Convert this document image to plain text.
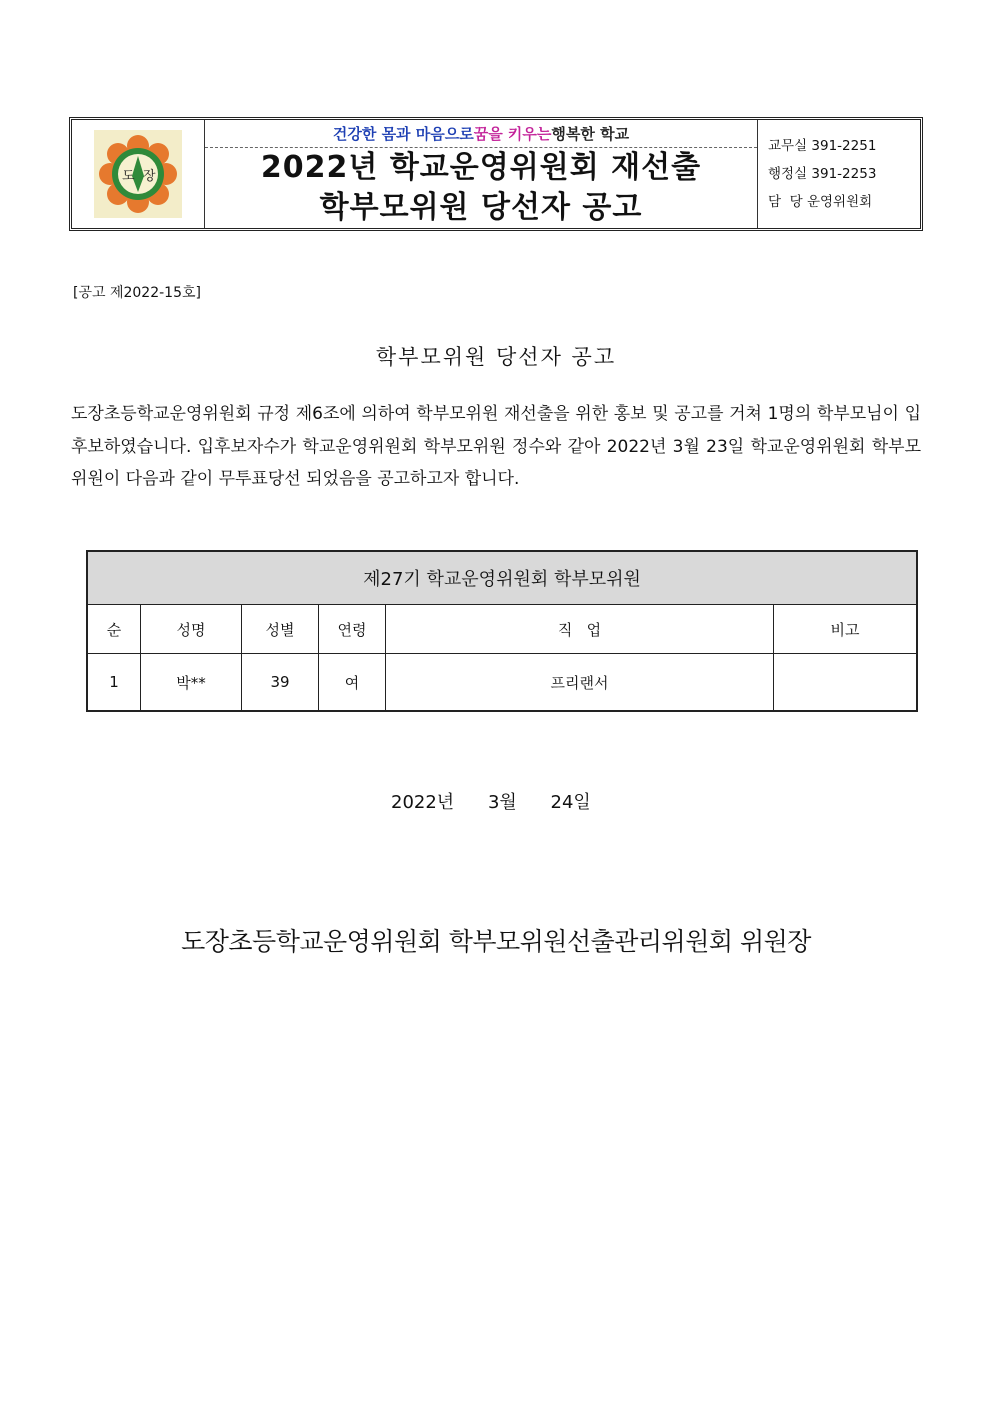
도 장
건강한 몸과 마음으로 꿈을 키우는 행복한 학교
2022년 학교운영위원회 재선출
학부모위원 당선자 공고
교무실 391-2251
행정실 391-2253
담  당 운영위원회
[공고 제2022-15호]
학부모위원 당선자 공고

도장초등학교운영위원회 규정 제6조에 의하여 학부모위원 재선출을 위한 홍보 및 공고를 거쳐 1명의 학부모님이 입후보하였습니다. 입후보자수가 학교운영위원회 학부모위원 정수와 같아 2022년 3월 23일 학교운영위원회 학부모위원이 다음과 같이 무투표당선 되었음을 공고하고자 합니다.

제27기 학교운영위원회 학부모위원					
순	성명	성별	연령	직   업	비고
1	박**	39	여	프리랜서	
2022년 3월 24일
도장초등학교운영위원회 학부모위원선출관리위원회 위원장
